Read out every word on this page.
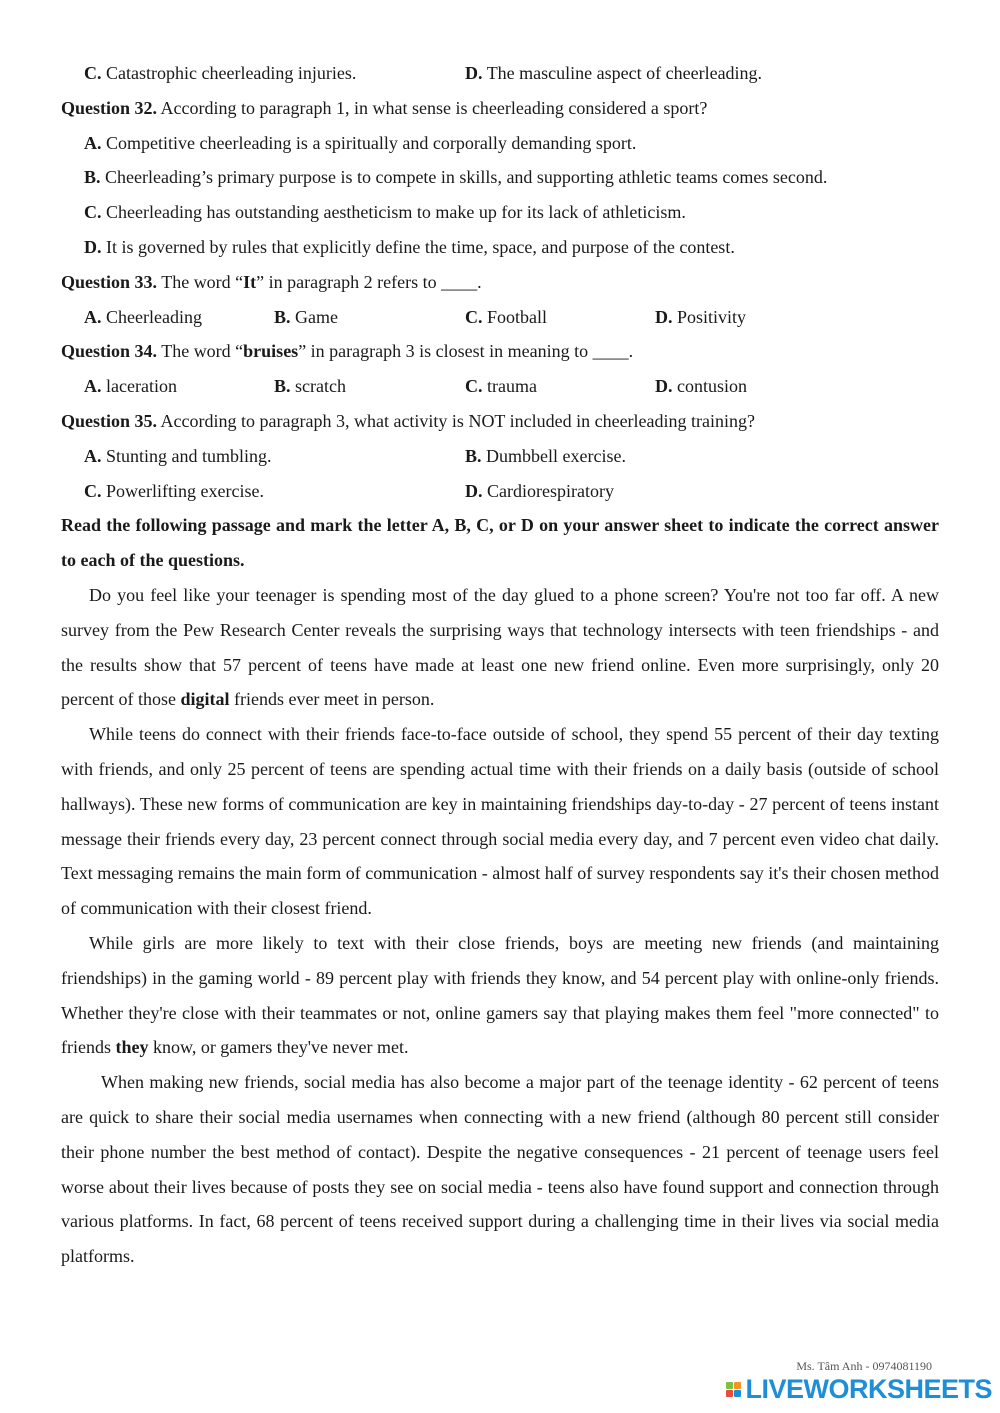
C. Catastrophic cheerleading injuries.	D. The masculine aspect of cheerleading.
Question 32. According to paragraph 1, in what sense is cheerleading considered a sport?
A. Competitive cheerleading is a spiritually and corporally demanding sport.
B. Cheerleading’s primary purpose is to compete in skills, and supporting athletic teams comes second.
C. Cheerleading has outstanding aestheticism to make up for its lack of athleticism.
D. It is governed by rules that explicitly define the time, space, and purpose of the contest.
Question 33. The word “It” in paragraph 2 refers to ____.
A. Cheerleading	B. Game	C. Football	D. Positivity
Question 34. The word “bruises” in paragraph 3 is closest in meaning to ____.
A. laceration	B. scratch	C. trauma	D. contusion
Question 35. According to paragraph 3, what activity is NOT included in cheerleading training?
A. Stunting and tumbling.	B. Dumbbell exercise.
C. Powerlifting exercise.	D. Cardiorespiratory

Read the following passage and mark the letter A, B, C, or D on your answer sheet to indicate the correct answer to each of the questions.

Do you feel like your teenager is spending most of the day glued to a phone screen? You're not too far off. A new survey from the Pew Research Center reveals the surprising ways that technology intersects with teen friendships - and the results show that 57 percent of teens have made at least one new friend online. Even more surprisingly, only 20 percent of those digital friends ever meet in person.

While teens do connect with their friends face-to-face outside of school, they spend 55 percent of their day texting with friends, and only 25 percent of teens are spending actual time with their friends on a daily basis (outside of school hallways). These new forms of communication are key in maintaining friendships day-to-day - 27 percent of teens instant message their friends every day, 23 percent connect through social media every day, and 7 percent even video chat daily. Text messaging remains the main form of communication - almost half of survey respondents say it's their chosen method of communication with their closest friend.

While girls are more likely to text with their close friends, boys are meeting new friends (and maintaining friendships) in the gaming world - 89 percent play with friends they know, and 54 percent play with online-only friends. Whether they're close with their teammates or not, online gamers say that playing makes them feel "more connected" to friends they know, or gamers they've never met.

When making new friends, social media has also become a major part of the teenage identity - 62 percent of teens are quick to share their social media usernames when connecting with a new friend (although 80 percent still consider their phone number the best method of contact). Despite the negative consequences - 21 percent of teenage users feel worse about their lives because of posts they see on social media - teens also have found support and connection through various platforms. In fact, 68 percent of teens received support during a challenging time in their lives via social media platforms.

Ms. Tâm Anh - 0974081190
LIVEWORKSHEETS
